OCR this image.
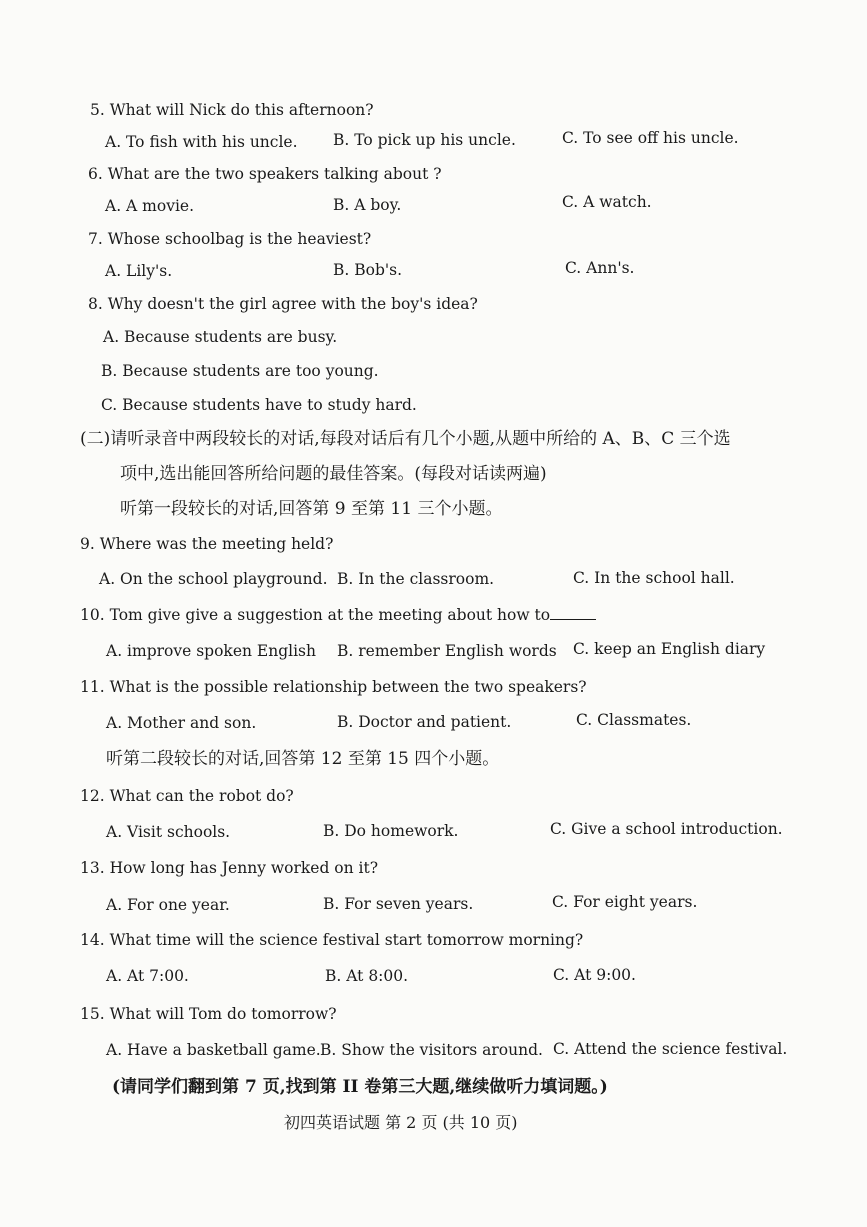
5. What will Nick do this afternoon?
A. To fish with his uncle. B. To pick up his uncle.	C. To see off his uncle.
6. What are the two speakers talking about ?
A. A movie.	B. A boy.	C. A watch.
7. Whose schoolbag is the heaviest?
A. Lily's.	B. Bob's.	C. Ann's.
8. Why doesn't the girl agree with the boy's idea?
A. Because students are busy.
B. Because students are too young.
C. Because students have to study hard.
(二)请听录音中两段较长的对话,每段对话后有几个小题,从题中所给的 A、B、C 三个选
项中,选出能回答所给问题的最佳答案。(每段对话读两遍)
听第一段较长的对话,回答第 9 至第 11 三个小题。
9. Where was the meeting held?
A. On the school playground. B. In the classroom.	C. In the school hall.
10. Tom give give a suggestion at the meeting about how to
A. improve spoken English B. remember English words C. keep an English diary
11. What is the possible relationship between the two speakers?
A. Mother and son.	B. Doctor and patient.	C. Classmates.
听第二段较长的对话,回答第 12 至第 15 四个小题。
12. What can the robot do?
A. Visit schools.	B. Do homework.	C. Give a school introduction.
13. How long has Jenny worked on it?
A. For one year.	B. For seven years.	C. For eight years.
14. What time will the science festival start tomorrow morning?
A. At 7:00.	B. At 8:00.	C. At 9:00.
15. What will Tom do tomorrow?
A. Have a basketball game. B. Show the visitors around. C. Attend the science festival.
(请同学们翻到第 7 页,找到第 II 卷第三大题,继续做听力填词题。)
初四英语试题 第 2 页 (共 10 页)
